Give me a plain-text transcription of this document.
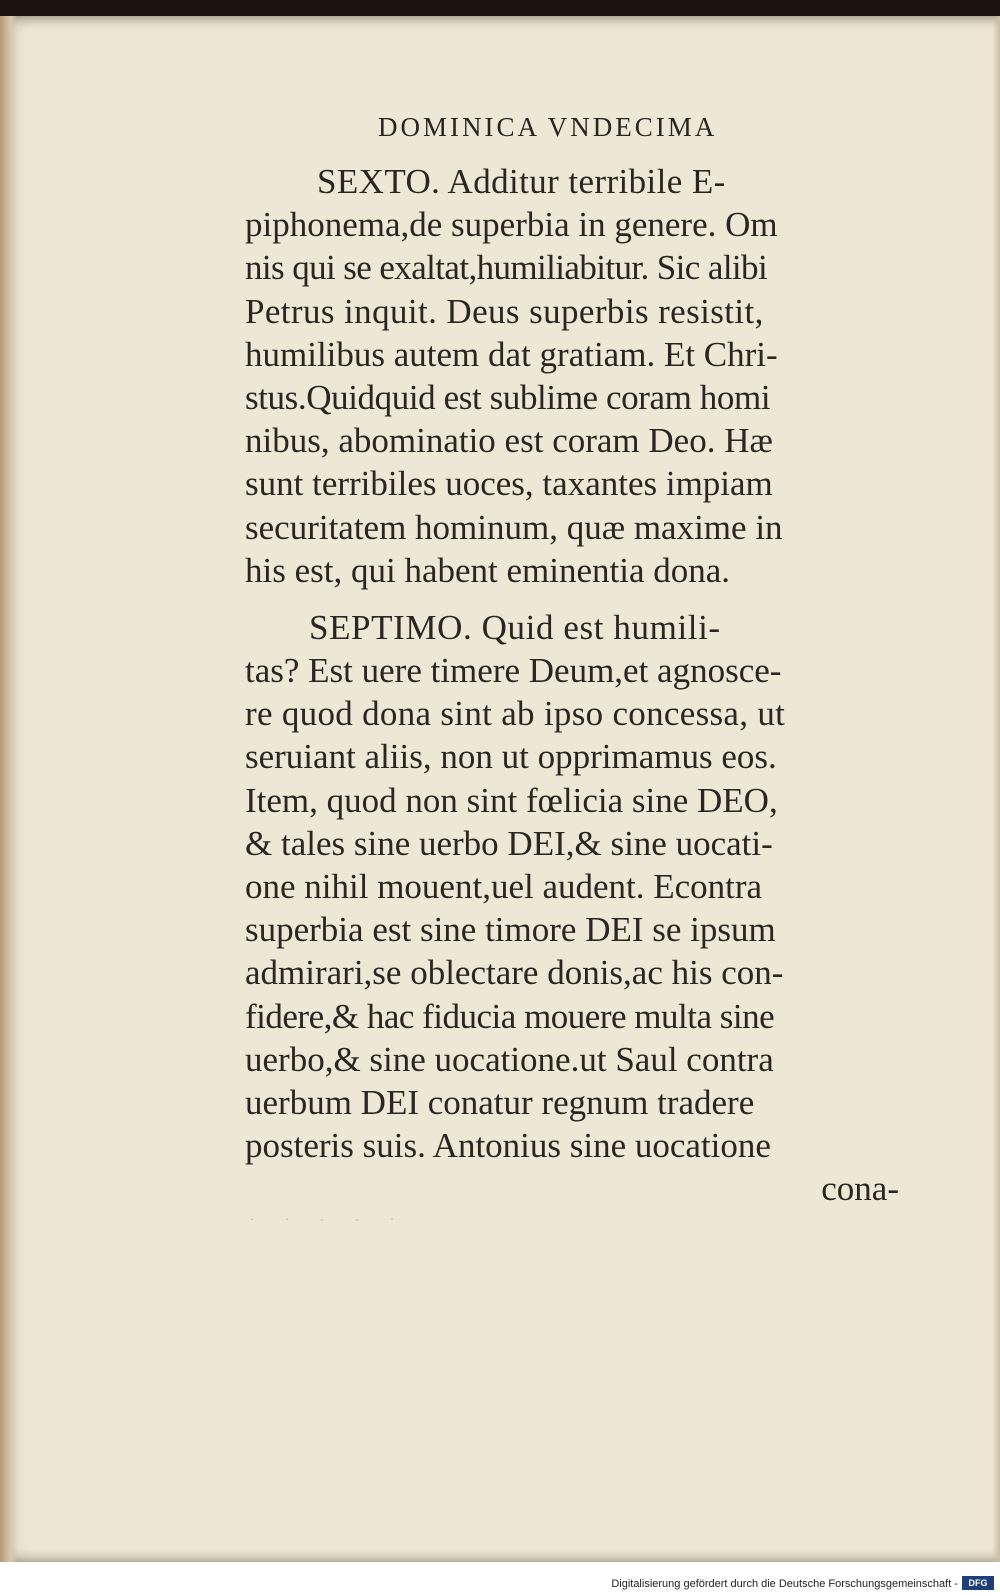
DOMINICA VNDECIMA
SEXTO. Additur terribile E-
piphonema,de superbia in genere. Om
nis qui se exaltat,humiliabitur. Sic alibi
Petrus inquit. Deus superbis resistit,
humilibus autem dat gratiam. Et Chri-
stus.Quidquid est sublime coram homi
nibus, abominatio est coram Deo. Hæ
sunt terribiles uoces, taxantes impiam
securitatem hominum, quæ maxime in
his est, qui habent eminentia dona.
SEPTIMO. Quid est humili-
tas? Est uere timere Deum,et agnosce-
re quod dona sint ab ipso concessa, ut
seruiant aliis, non ut opprimamus eos.
Item, quod non sint fœlicia sine DEO,
& tales sine uerbo DEI,& sine uocati-
one nihil mouent,uel audent. Econtra
superbia est sine timore DEI se ipsum
admirari,se oblectare donis,ac his con-
fidere,& hac fiducia mouere multa sine
uerbo,& sine uocatione.ut Saul contra
uerbum DEI conatur regnum tradere
posteris suis. Antonius sine uocatione
cona-
· · ‐ ‐ ·
Digitalisierung gefördert durch die Deutsche Forschungsgemeinschaft -	DFG
